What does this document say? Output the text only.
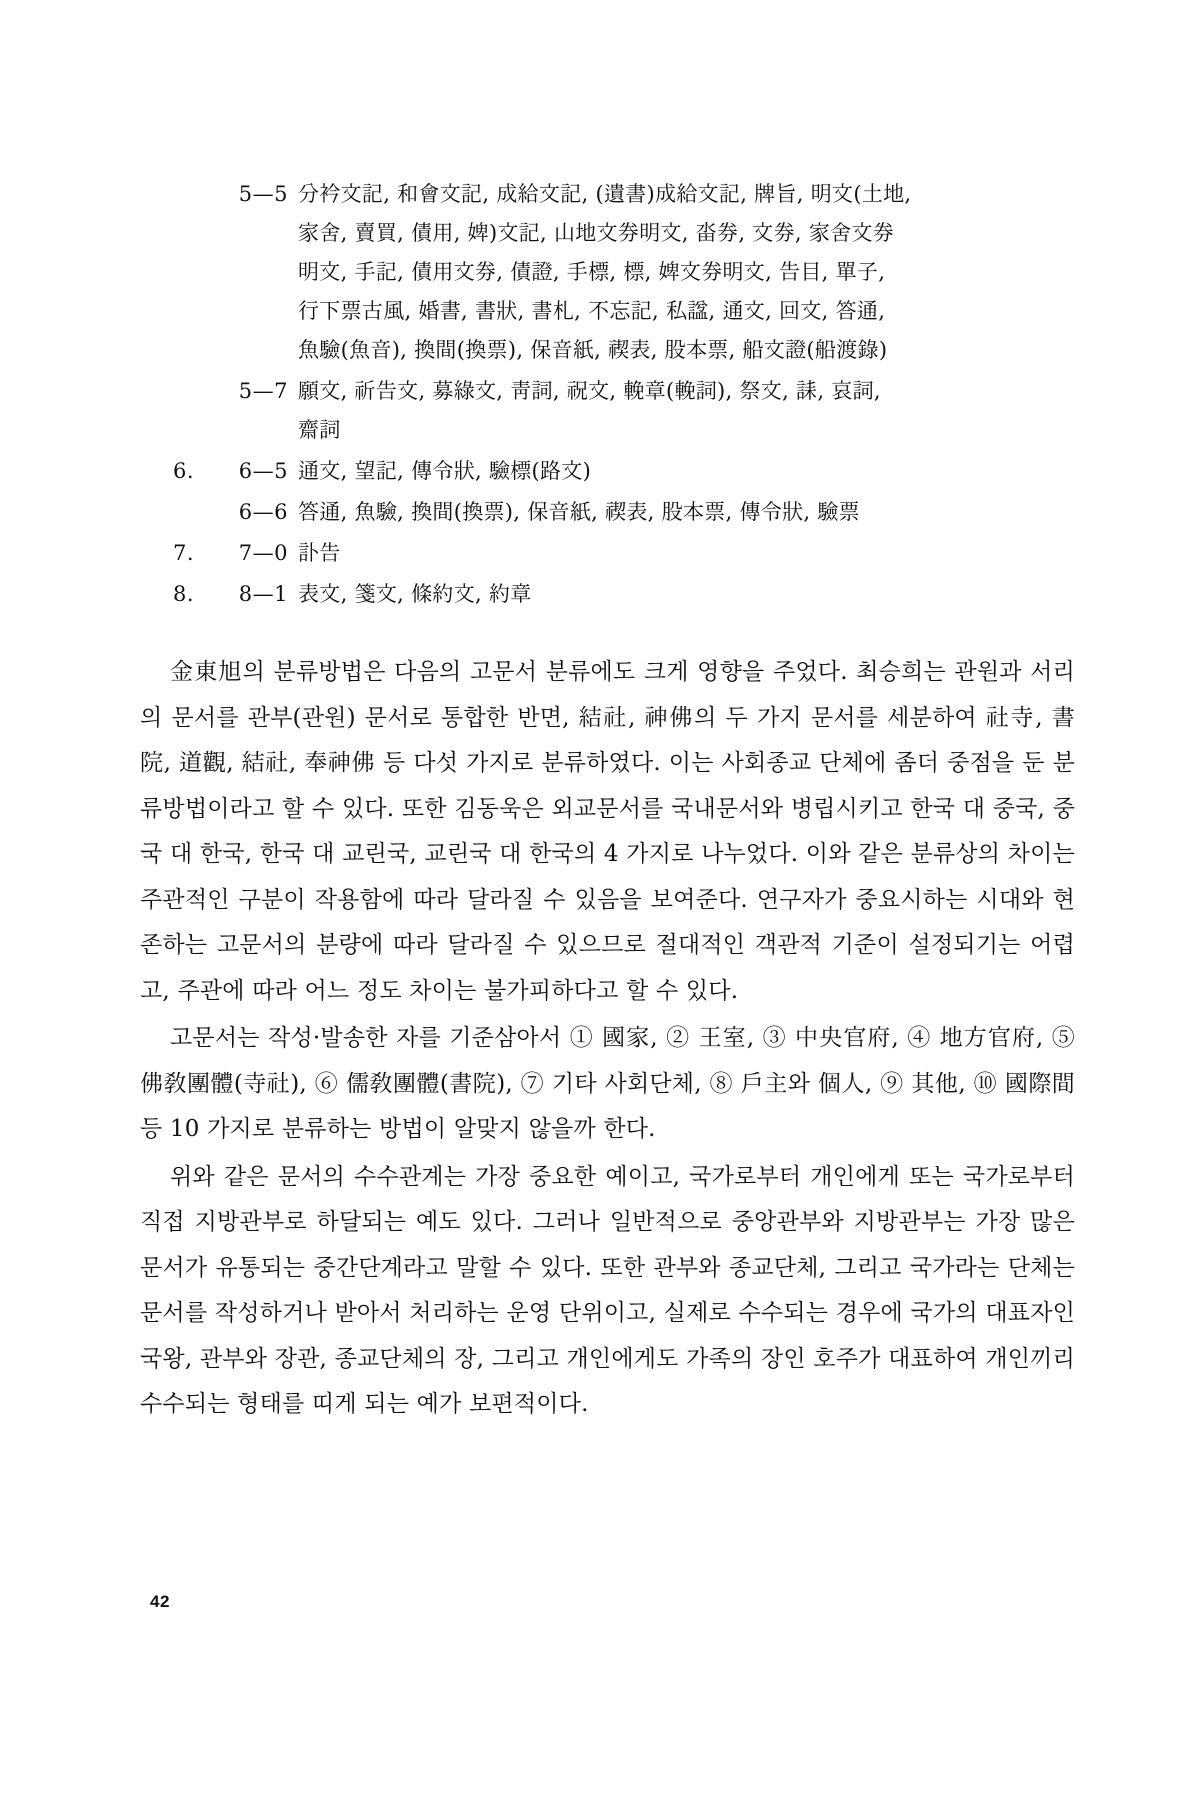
5—5 分衿文記, 和會文記, 成給文記, (遺書)成給文記, 牌旨, 明文(土地,
家舍, 賣買, 債用, 婢)文記, 山地文券明文, 畓券, 文券, 家舍文券
明文, 手記, 債用文券, 債證, 手標, 標, 婢文券明文, 告目, 單子,
行下票古風, 婚書, 書狀, 書札, 不忘記, 私諡, 通文, 回文, 答通,
魚驗(魚音), 換間(換票), 保音紙, 禊表, 股本票, 船文證(船渡錄)
5—7 願文, 祈告文, 募綠文, 靑詞, 祝文, 輓章(輓詞), 祭文, 誄, 哀詞,
齋詞
6.	6—5 通文, 望記, 傳令狀, 驗標(路文)
6—6 答通, 魚驗, 換間(換票), 保音紙, 禊表, 股本票, 傳令狀, 驗票
7.	7—0 訃告
8.	8—1 表文, 箋文, 條約文, 約章

金東旭의 분류방법은 다음의 고문서 분류에도 크게 영향을 주었다. 최승희는 관원과 서리의 문서를 관부(관원) 문서로 통합한 반면, 結社, 神佛의 두 가지 문서를 세분하여 社寺, 書院, 道觀, 結社, 奉神佛 등 다섯 가지로 분류하였다. 이는 사회종교 단체에 좀더 중점을 둔 분류방법이라고 할 수 있다. 또한 김동욱은 외교문서를 국내문서와 병립시키고 한국 대 중국, 중국 대 한국, 한국 대 교린국, 교린국 대 한국의 4 가지로 나누었다. 이와 같은 분류상의 차이는 주관적인 구분이 작용함에 따라 달라질 수 있음을 보여준다. 연구자가 중요시하는 시대와 현존하는 고문서의 분량에 따라 달라질 수 있으므로 절대적인 객관적 기준이 설정되기는 어렵고, 주관에 따라 어느 정도 차이는 불가피하다고 할 수 있다.

고문서는 작성·발송한 자를 기준삼아서 ① 國家, ② 王室, ③ 中央官府, ④ 地方官府, ⑤ 佛敎團體(寺社), ⑥ 儒敎團體(書院), ⑦ 기타 사회단체, ⑧ 戶主와 個人, ⑨ 其他, ⑩ 國際間 등 10 가지로 분류하는 방법이 알맞지 않을까 한다.

위와 같은 문서의 수수관계는 가장 중요한 예이고, 국가로부터 개인에게 또는 국가로부터 직접 지방관부로 하달되는 예도 있다. 그러나 일반적으로 중앙관부와 지방관부는 가장 많은 문서가 유통되는 중간단계라고 말할 수 있다. 또한 관부와 종교단체, 그리고 국가라는 단체는 문서를 작성하거나 받아서 처리하는 운영 단위이고, 실제로 수수되는 경우에 국가의 대표자인 국왕, 관부와 장관, 종교단체의 장, 그리고 개인에게도 가족의 장인 호주가 대표하여 개인끼리 수수되는 형태를 띠게 되는 예가 보편적이다.

42
